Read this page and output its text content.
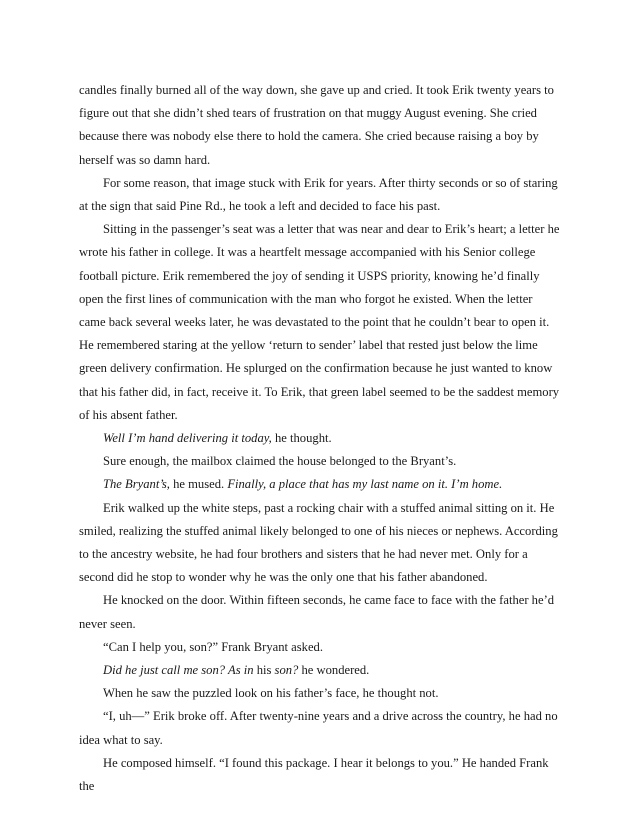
candles finally burned all of the way down, she gave up and cried. It took Erik twenty years to figure out that she didn’t shed tears of frustration on that muggy August evening. She cried because there was nobody else there to hold the camera. She cried because raising a boy by herself was so damn hard.

For some reason, that image stuck with Erik for years. After thirty seconds or so of staring at the sign that said Pine Rd., he took a left and decided to face his past.

Sitting in the passenger’s seat was a letter that was near and dear to Erik’s heart; a letter he wrote his father in college. It was a heartfelt message accompanied with his Senior college football picture. Erik remembered the joy of sending it USPS priority, knowing he’d finally open the first lines of communication with the man who forgot he existed. When the letter came back several weeks later, he was devastated to the point that he couldn’t bear to open it. He remembered staring at the yellow ‘return to sender’ label that rested just below the lime green delivery confirmation. He splurged on the confirmation because he just wanted to know that his father did, in fact, receive it. To Erik, that green label seemed to be the saddest memory of his absent father.

Well I’m hand delivering it today, he thought.

Sure enough, the mailbox claimed the house belonged to the Bryant’s.

The Bryant’s, he mused. Finally, a place that has my last name on it. I’m home.

Erik walked up the white steps, past a rocking chair with a stuffed animal sitting on it. He smiled, realizing the stuffed animal likely belonged to one of his nieces or nephews. According to the ancestry website, he had four brothers and sisters that he had never met. Only for a second did he stop to wonder why he was the only one that his father abandoned.

He knocked on the door. Within fifteen seconds, he came face to face with the father he’d never seen.

“Can I help you, son?” Frank Bryant asked.

Did he just call me son? As in his son? he wondered.

When he saw the puzzled look on his father’s face, he thought not.

“I, uh—” Erik broke off. After twenty-nine years and a drive across the country, he had no idea what to say.

He composed himself. “I found this package. I hear it belongs to you.” He handed Frank the
